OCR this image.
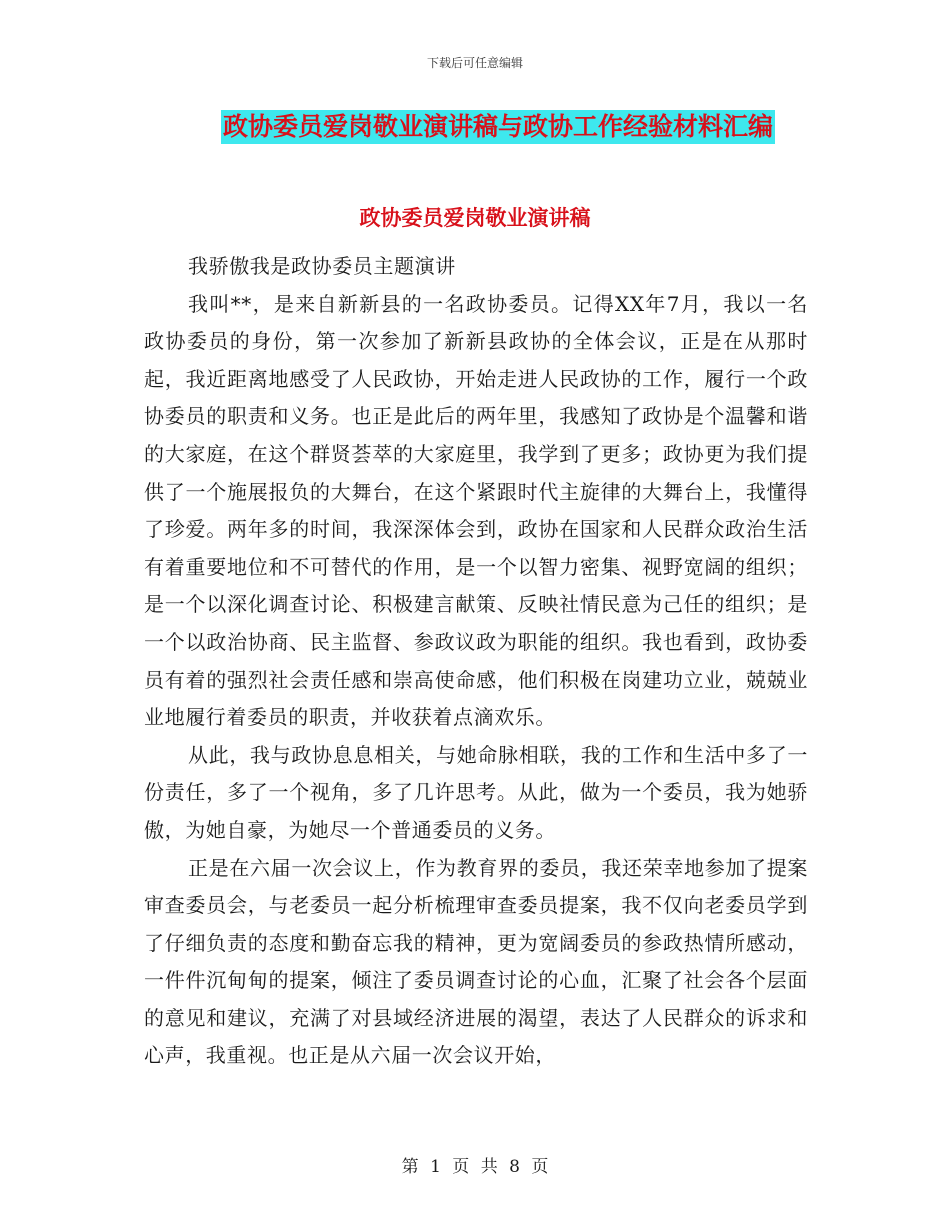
下载后可任意编辑
政协委员爱岗敬业演讲稿与政协工作经验材料汇编
政协委员爱岗敬业演讲稿

我骄傲我是政协委员主题演讲

我叫**，是来自新新县的一名政协委员。记得XX年7月，我以一名政协委员的身份，第一次参加了新新县政协的全体会议，正是在从那时起，我近距离地感受了人民政协，开始走进人民政协的工作，履行一个政协委员的职责和义务。也正是此后的两年里，我感知了政协是个温馨和谐的大家庭，在这个群贤荟萃的大家庭里，我学到了更多；政协更为我们提供了一个施展报负的大舞台，在这个紧跟时代主旋律的大舞台上，我懂得了珍爱。两年多的时间，我深深体会到，政协在国家和人民群众政治生活有着重要地位和不可替代的作用，是一个以智力密集、视野宽阔的组织；是一个以深化调查讨论、积极建言献策、反映社情民意为己任的组织；是一个以政治协商、民主监督、参政议政为职能的组织。我也看到，政协委员有着的强烈社会责任感和崇高使命感，他们积极在岗建功立业，兢兢业业地履行着委员的职责，并收获着点滴欢乐。

从此，我与政协息息相关，与她命脉相联，我的工作和生活中多了一份责任，多了一个视角，多了几许思考。从此，做为一个委员，我为她骄傲，为她自豪，为她尽一个普通委员的义务。

正是在六届一次会议上，作为教育界的委员，我还荣幸地参加了提案审查委员会，与老委员一起分析梳理审查委员提案，我不仅向老委员学到了仔细负责的态度和勤奋忘我的精神，更为宽阔委员的参政热情所感动，一件件沉甸甸的提案，倾注了委员调查讨论的心血，汇聚了社会各个层面的意见和建议，充满了对县域经济进展的渴望，表达了人民群众的诉求和心声，我重视。也正是从六届一次会议开始，

第 1 页 共 8 页
